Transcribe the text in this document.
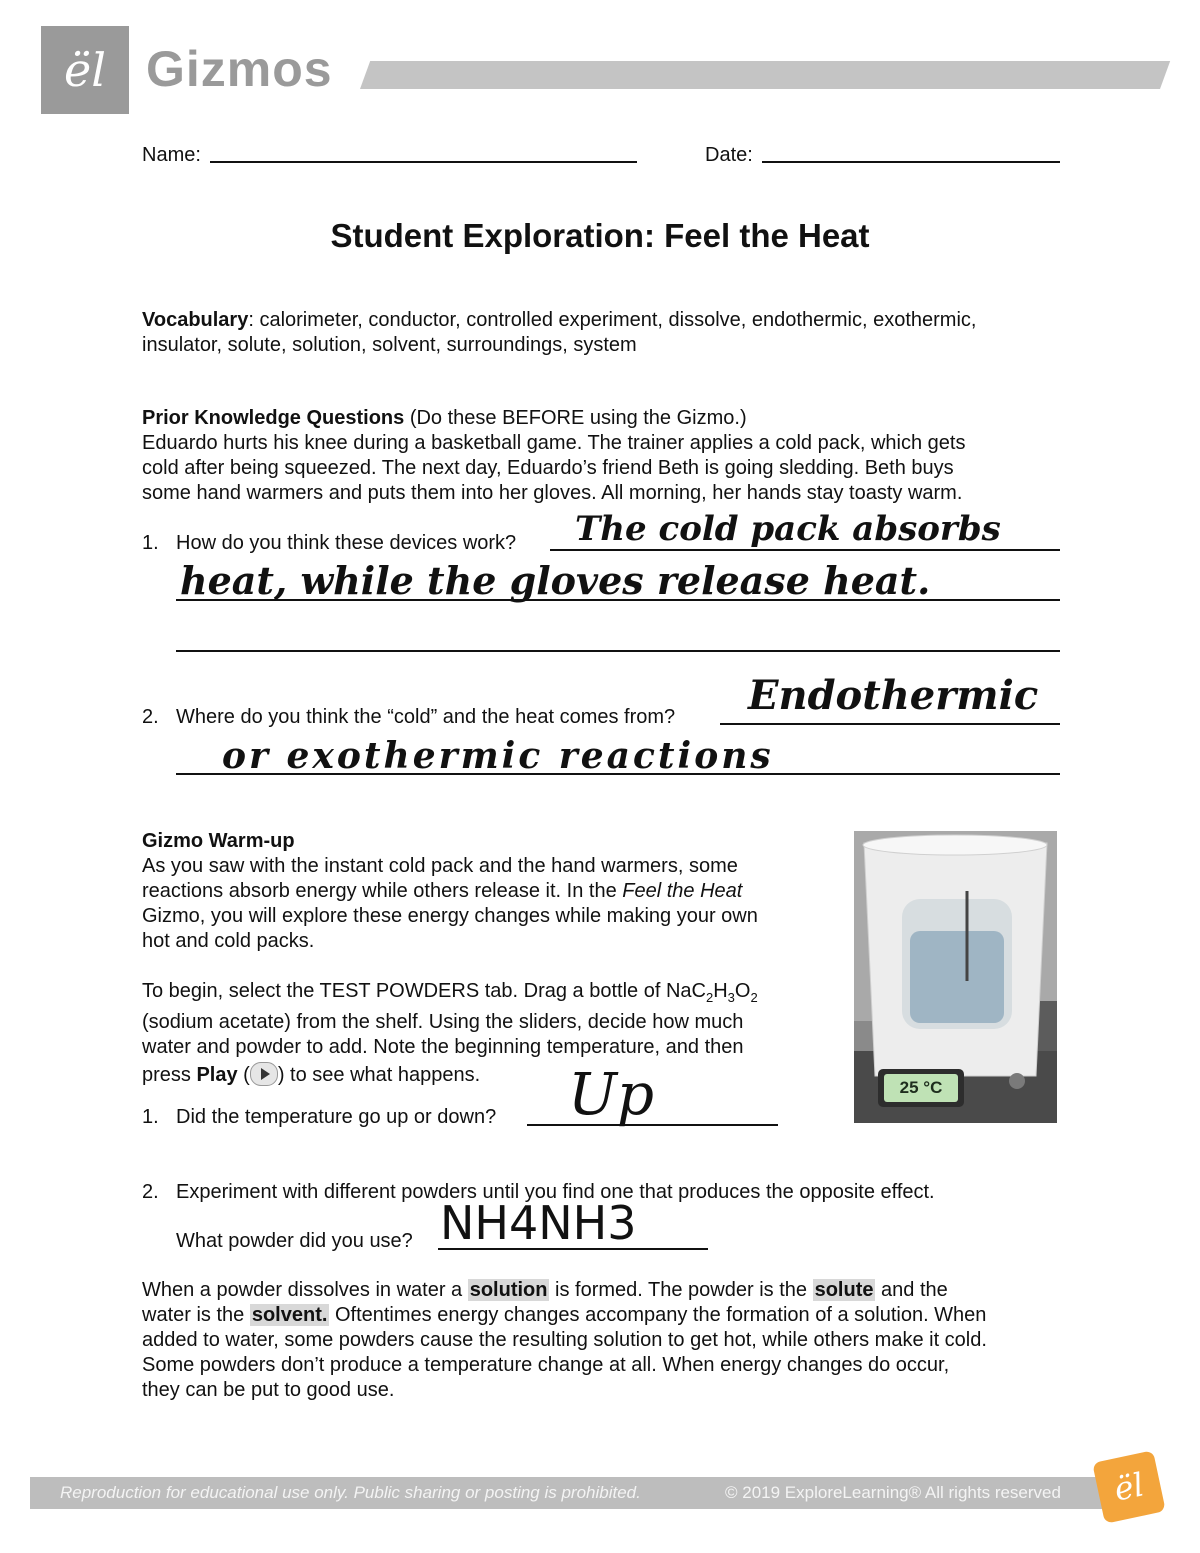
ël Gizmos
Name:	Date:
Student Exploration: Feel the Heat
Vocabulary: calorimeter, conductor, controlled experiment, dissolve, endothermic, exothermic, insulator, solute, solution, solvent, surroundings, system
Prior Knowledge Questions (Do these BEFORE using the Gizmo.)
Eduardo hurts his knee during a basketball game. The trainer applies a cold pack, which gets
cold after being squeezed. The next day, Eduardo’s friend Beth is going sledding. Beth buys
some hand warmers and puts them into her gloves. All morning, her hands stay toasty warm.
1. How do you think these devices work? The cold pack absorbs
heat, while the gloves release heat.
2. Where do you think the “cold” and the heat comes from? Endothermic
or exothermic reactions
Gizmo Warm-up
As you saw with the instant cold pack and the hand warmers, some
reactions absorb energy while others release it. In the Feel the Heat
Gizmo, you will explore these energy changes while making your own
hot and cold packs.
To begin, select the TEST POWDERS tab. Drag a bottle of $NaC_2H_3O_2$
(sodium acetate) from the shelf. Using the sliders, decide how much
water and powder to add. Note the beginning temperature, and then
press Play ( ) to see what happens.
25 °C
1. Did the temperature go up or down? Up
2. Experiment with different powders until you find one that produces the opposite effect.
What powder did you use? NH4NH3
When a powder dissolves in water a solution is formed. The powder is the solute and the
water is the solvent. Oftentimes energy changes accompany the formation of a solution. When
added to water, some powders cause the resulting solution to get hot, while others make it cold.
Some powders don’t produce a temperature change at all. When energy changes do occur,
they can be put to good use.
Reproduction for educational use only. Public sharing or posting is prohibited.	© 2019 ExploreLearning® All rights reserved	ël
